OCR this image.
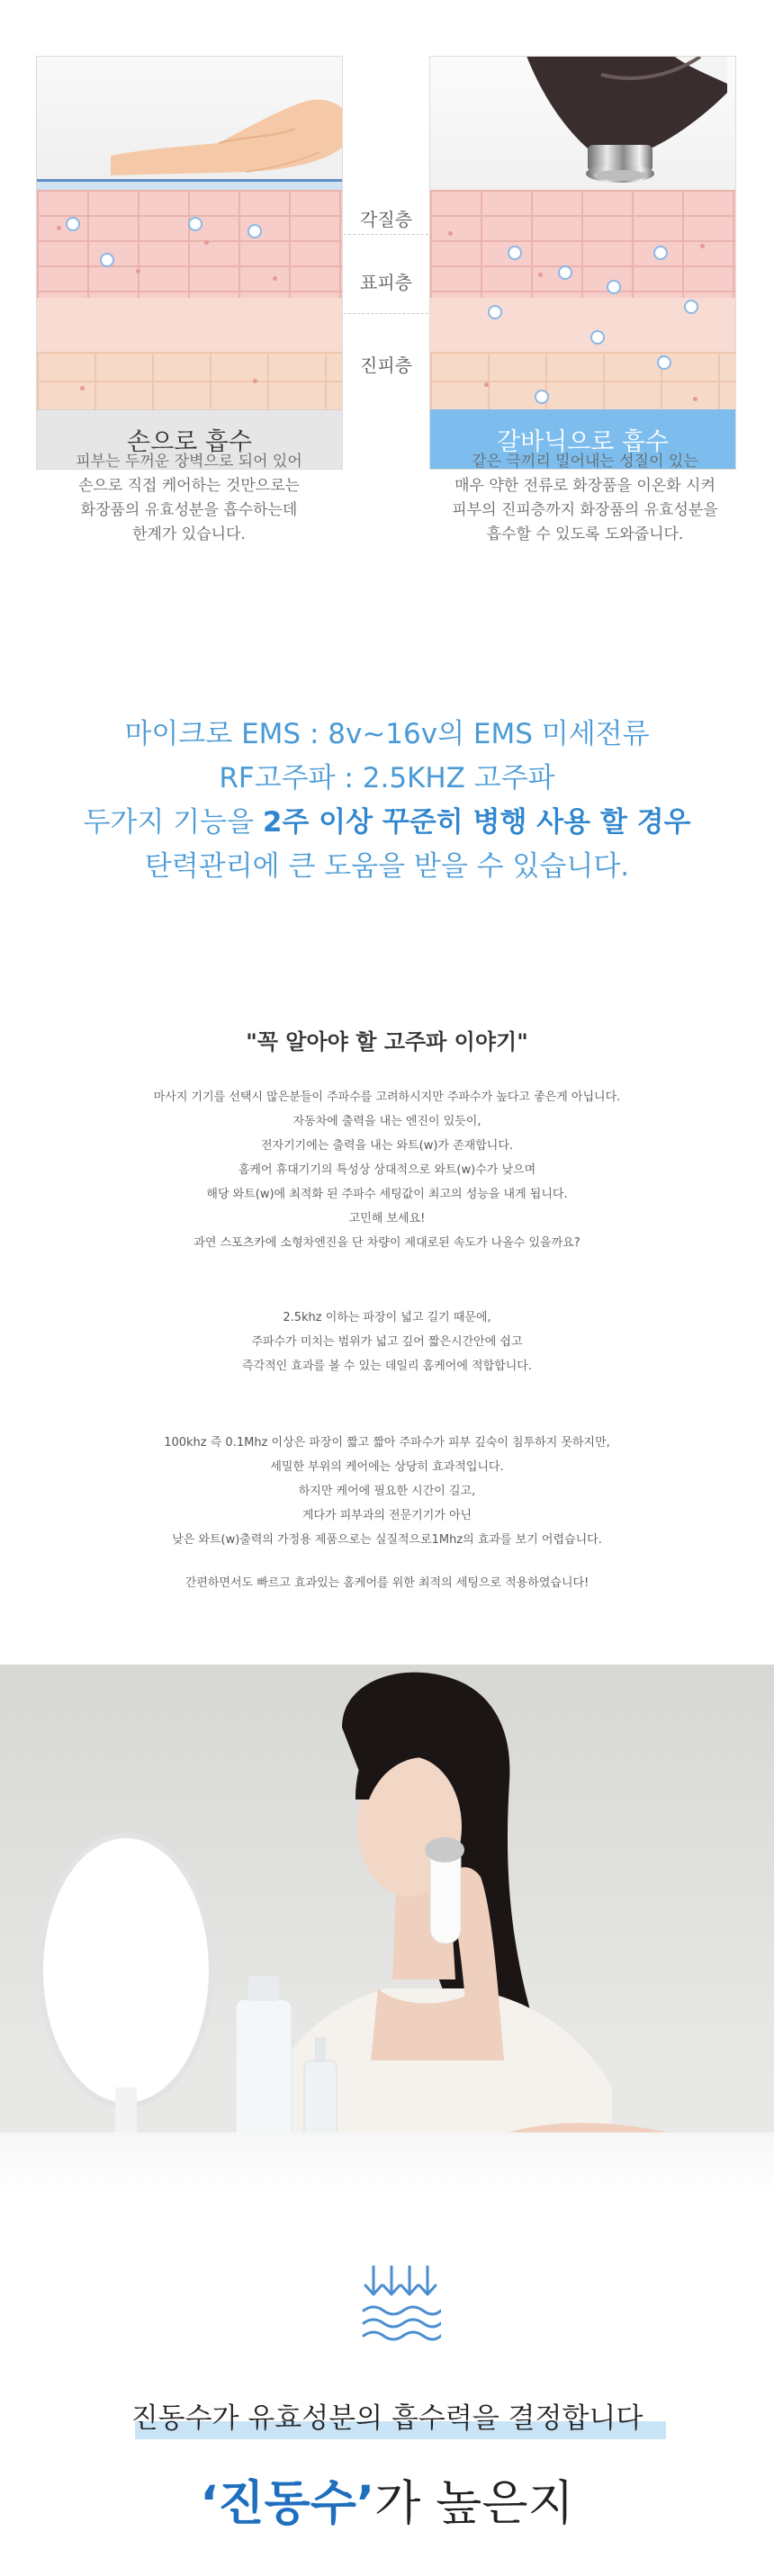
손으로 흡수	갈바닉으로 흡수
각질층
표피층
진피층

피부는 두꺼운 장벽으로 되어 있어

손으로 직접 케어하는 것만으로는

화장품의 유효성분을 흡수하는데

한계가 있습니다.

같은 극끼리 밀어내는 성질이 있는

매우 약한 전류로 화장품을 이온화 시켜

피부의 진피층까지 화장품의 유효성분을

흡수할 수 있도록 도와줍니다.

마이크로 EMS : 8v~16v의 EMS 미세전류

RF고주파 : 2.5KHZ 고주파

두가지 기능을 2주 이상 꾸준히 병행 사용 할 경우

탄력관리에 큰 도움을 받을 수 있습니다.

"꼭 알아야 할 고주파 이야기"

마사지 기기를 선택시 많은분들이 주파수를 고려하시지만 주파수가 높다고 좋은게 아닙니다.

자동차에 출력을 내는 엔진이 있듯이,

전자기기에는 출력을 내는 와트(w)가 존재합니다.

홈케어 휴대기기의 특성상 상대적으로 와트(w)수가 낮으며

해당 와트(w)에 최적화 된 주파수 세팅값이 최고의 성능을 내게 됩니다.

고민해 보세요!

과연 스포츠카에 소형차엔진을 단 차량이 제대로된 속도가 나올수 있을까요?

2.5khz 이하는 파장이 넓고 길기 때문에,

주파수가 미치는 범위가 넓고 깊어 짧은시간안에 쉽고

즉각적인 효과를 볼 수 있는 데일리 홈케어에 적합합니다.

100khz 즉 0.1Mhz 이상은 파장이 짧고 짧아 주파수가 피부 깊숙이 침투하지 못하지만,

세밀한 부위의 케어에는 상당히 효과적입니다.

하지만 케어에 필요한 시간이 길고,

게다가 피부과의 전문기기가 아닌

낮은 와트(w)출력의 가정용 제품으로는 실질적으로1Mhz의 효과를 보기 어렵습니다.

간편하면서도 빠르고 효과있는 홈케어를 위한 최적의 세팅으로 적용하였습니다!

진동수가 유효성분의 흡수력을 결정합니다
‘진동수’가 높은지
